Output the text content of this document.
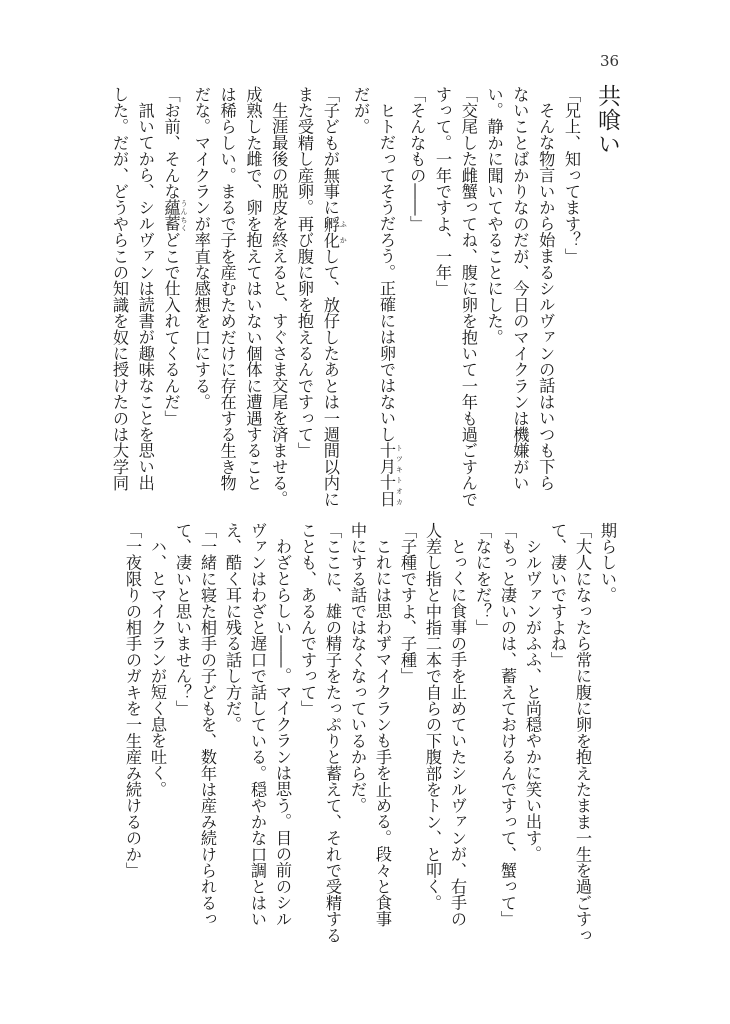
36
共喰い
「兄上、知ってます？」
そんな物言いから始まるシルヴァンの話はいつも下ら
ないことばかりなのだが、今日のマイクランは機嫌がい
い。静かに聞いてやることにした。
「交尾した雌蟹ってね、腹に卵を抱いて一年も過ごすんで
すって。一年ですよ、一年」
「そんなもの――」
ヒトだってそうだろう。正確には卵ではないし十月十日 トツキトオカ
だが。
「子どもが無事に孵化 ふかして、放仔したあとは一週間以内に
また受精し産卵。再び腹に卵を抱えるんですって」
生涯最後の脱皮を終えると、すぐさま交尾を済ませる。
成熟した雌で、卵を抱えてはいない個体に遭遇すること
は稀らしい。まるで子を産むためだけに存在する生き物
だな。マイクランが率直な感想を口にする。
「お前、そんな蘊蓄 うんちくどこで仕入れてくるんだ」
訊いてから、シルヴァンは読書が趣味なことを思い出
した。だが、どうやらこの知識を奴に授けたのは大学同
期らしい。
「大人になったら常に腹に卵を抱えたまま一生を過ごすっ
て、凄いですよね」
シルヴァンがふふ、と尚穏やかに笑い出す。
「もっと凄いのは、蓄えておけるんですって、蟹って」
「なにをだ？」
とっくに食事の手を止めていたシルヴァンが、右手の
人差し指と中指二本で自らの下腹部をトン、と叩く。
「子種ですよ、子種」
これには思わずマイクランも手を止める。段々と食事
中にする話ではなくなっているからだ。
「ここに、雄の精子をたっぷりと蓄えて、それで受精する
ことも、あるんですって」
わざとらしい――。マイクランは思う。目の前のシル
ヴァンはわざと遅口で話している。穏やかな口調とはい
え、酷く耳に残る話し方だ。
「一緒に寝た相手の子どもを、数年は産み続けられるっ
て、凄いと思いません？」
ハ、とマイクランが短く息を吐く。
「一夜限りの相手のガキを一生産み続けるのか」
